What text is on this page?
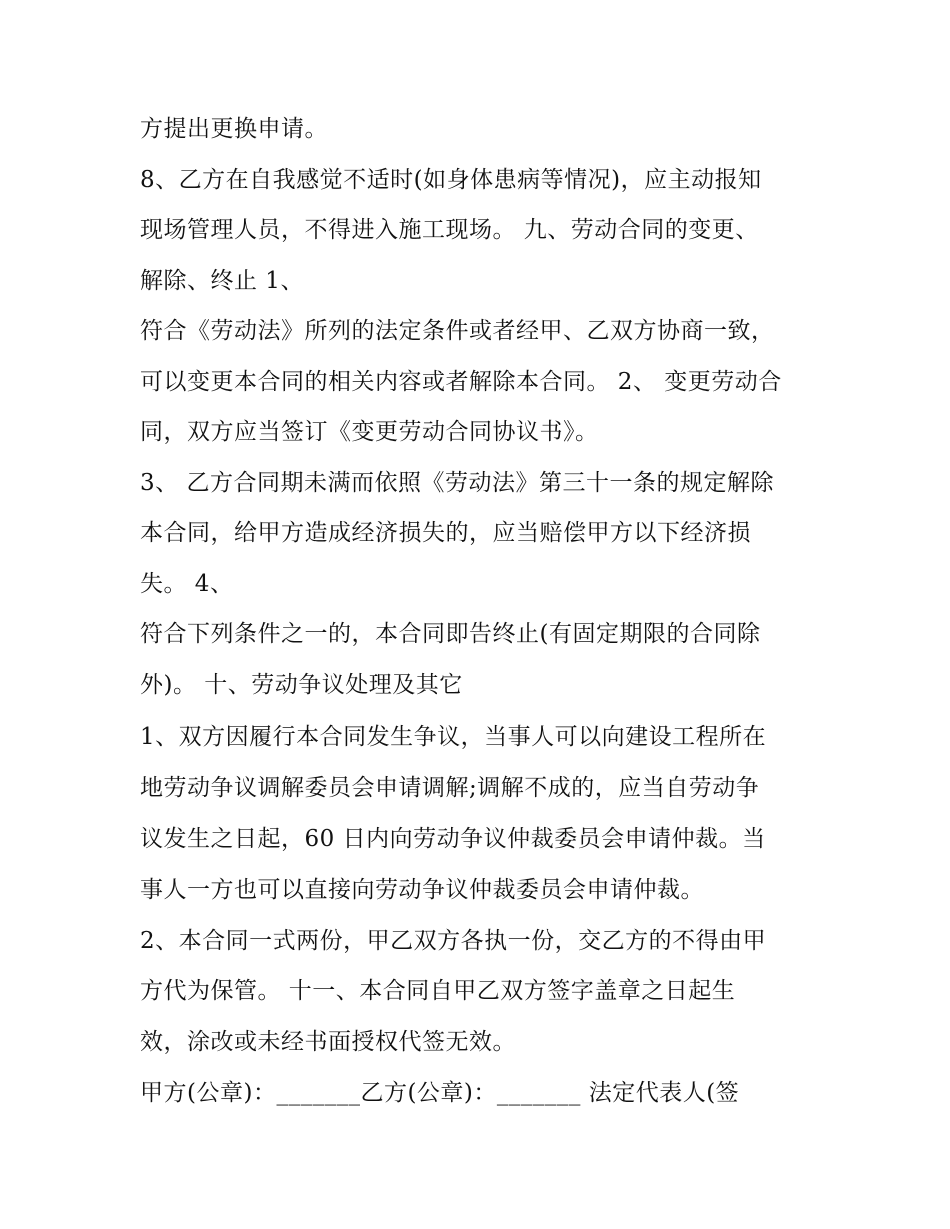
方提出更换申请。
8、乙方在自我感觉不适时(如身体患病等情况)，应主动报知
现场管理人员，不得进入施工现场。 九、劳动合同的变更、
解除、终止 1、
符合《劳动法》所列的法定条件或者经甲、乙双方协商一致，
可以变更本合同的相关内容或者解除本合同。 2、 变更劳动合
同，双方应当签订《变更劳动合同协议书》。
3、 乙方合同期未满而依照《劳动法》第三十一条的规定解除
本合同，给甲方造成经济损失的，应当赔偿甲方以下经济损
失。 4、
符合下列条件之一的，本合同即告终止(有固定期限的合同除
外)。 十、劳动争议处理及其它
1、双方因履行本合同发生争议，当事人可以向建设工程所在
地劳动争议调解委员会申请调解;调解不成的，应当自劳动争
议发生之日起，60 日内向劳动争议仲裁委员会申请仲裁。当
事人一方也可以直接向劳动争议仲裁委员会申请仲裁。
2、本合同一式两份，甲乙双方各执一份，交乙方的不得由甲
方代为保管。 十一、本合同自甲乙双方签字盖章之日起生
效，涂改或未经书面授权代签无效。
甲方(公章)：_______乙方(公章)：_______ 法定代表人(签
